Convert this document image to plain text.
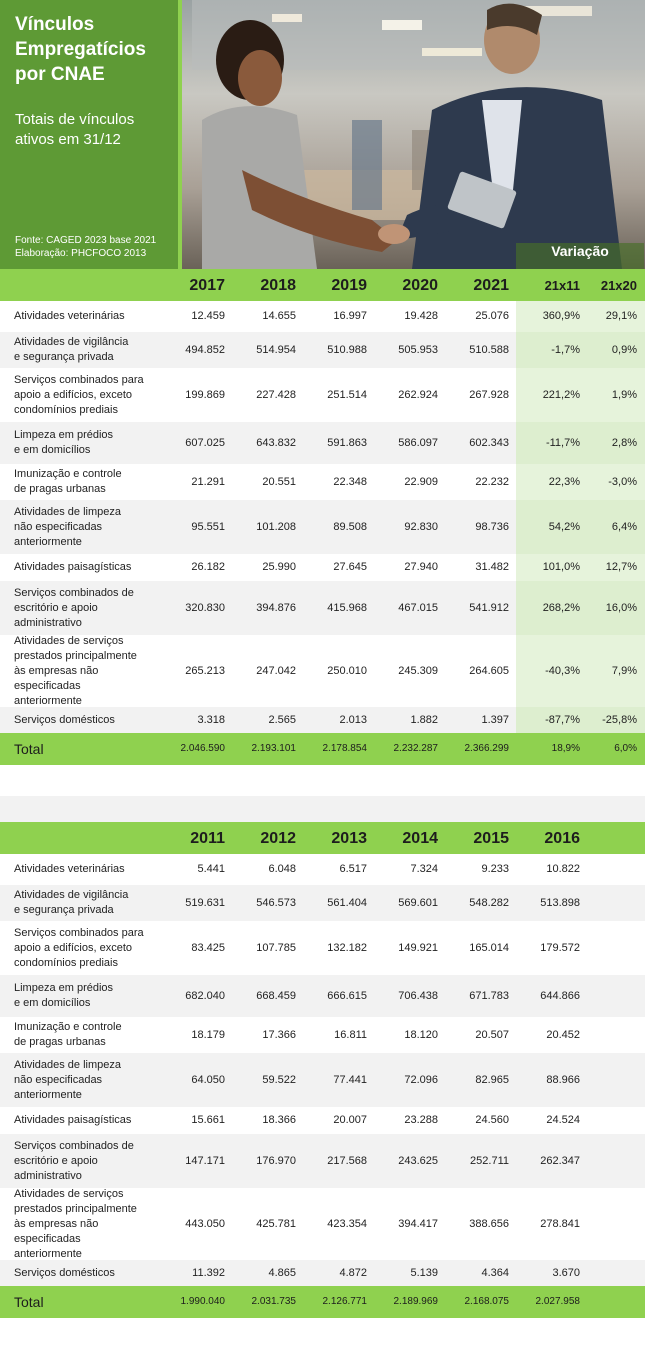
Vínculos Empregatícios por CNAE
Totais de vínculos ativos em 31/12
Fonte: CAGED 2023 base 2021
Elaboração: PHCFOCO 2013	Variação
2017	2018	2019	2020	2021	21x11	21x20
Atividades veterinárias	12.459	14.655	16.997	19.428	25.076	360,9%	29,1%
Atividades de vigilância
e segurança privada
494.852	514.954	510.988	505.953	510.588	-1,7%	0,9%
Serviços combinados para
apoio a edifícios, exceto
condomínios prediais
199.869	227.428	251.514	262.924	267.928	221,2%	1,9%
Limpeza em prédios
e em domicílios
607.025	643.832	591.863	586.097	602.343	-11,7%	2,8%
Imunização e controle
de pragas urbanas
21.291	20.551	22.348	22.909	22.232	22,3%	-3,0%
Atividades de limpeza
não especificadas
anteriormente
95.551	101.208	89.508	92.830	98.736	54,2%	6,4%
Atividades paisagísticas	26.182	25.990	27.645	27.940	31.482	101,0%	12,7%
Serviços combinados de
escritório e apoio
administrativo
320.830	394.876	415.968	467.015	541.912	268,2%	16,0%
Atividades de serviços
prestados principalmente
às empresas não
especificadas
anteriormente
265.213	247.042	250.010	245.309	264.605	-40,3%	7,9%
Serviços domésticos	3.318	2.565	2.013	1.882	1.397	-87,7%	-25,8%
Total	2.046.590	2.193.101	2.178.854	2.232.287	2.366.299	18,9%	6,0%
2011	2012	2013	2014	2015	2016
Atividades veterinárias	5.441	6.048	6.517	7.324	9.233	10.822
Atividades de vigilância
e segurança privada
519.631	546.573	561.404	569.601	548.282	513.898
Serviços combinados para
apoio a edifícios, exceto
condomínios prediais
83.425	107.785	132.182	149.921	165.014	179.572
Limpeza em prédios
e em domicílios
682.040	668.459	666.615	706.438	671.783	644.866
Imunização e controle
de pragas urbanas
18.179	17.366	16.811	18.120	20.507	20.452
Atividades de limpeza
não especificadas
anteriormente
64.050	59.522	77.441	72.096	82.965	88.966
Atividades paisagísticas	15.661	18.366	20.007	23.288	24.560	24.524
Serviços combinados de
escritório e apoio
administrativo
147.171	176.970	217.568	243.625	252.711	262.347
Atividades de serviços
prestados principalmente
às empresas não
especificadas
anteriormente
443.050	425.781	423.354	394.417	388.656	278.841
Serviços domésticos	11.392	4.865	4.872	5.139	4.364	3.670
Total	1.990.040	2.031.735	2.126.771	2.189.969	2.168.075	2.027.958
